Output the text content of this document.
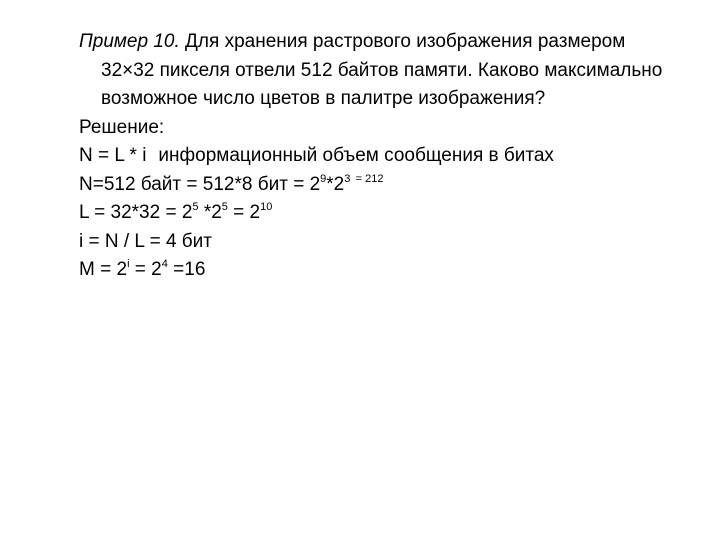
Пример 10. Для хранения растрового изображения размером 32×32 пикселя отвели 512 байтов памяти. Каково максимально возможное число цветов в палитре изображения?

Решение:

N = L * i информационный объем сообщения в битах

N=512 байт = 512*8 бит = $2^9*2^3$ $^{= 212}$

$L = 32*32 = 2^5$ $*2^5 = 2^{10}$

i = N / L = 4 бит

$M = 2^i = 2^4 =16$
